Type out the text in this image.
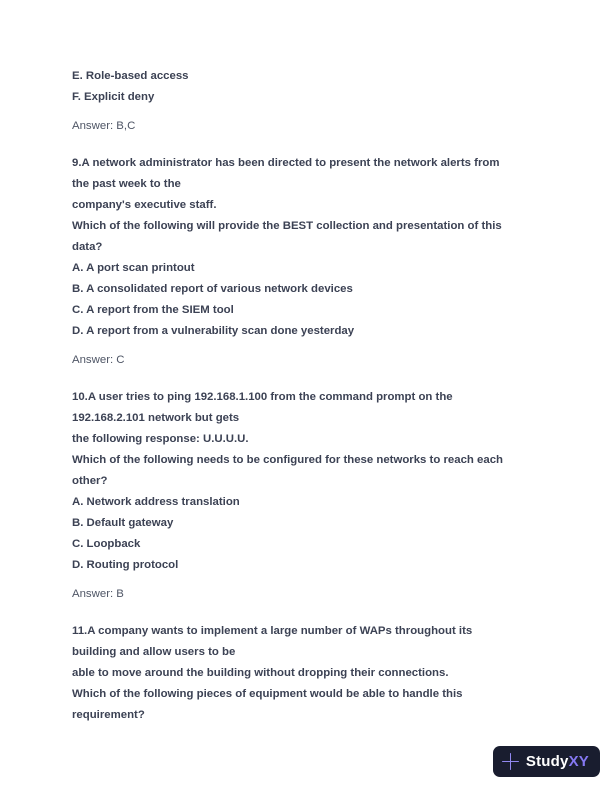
E. Role-based access
F. Explicit deny
Answer: B,C
9.A network administrator has been directed to present the network alerts from
the past week to the
company's executive staff.
Which of the following will provide the BEST collection and presentation of this
data?
A. A port scan printout
B. A consolidated report of various network devices
C. A report from the SIEM tool
D. A report from a vulnerability scan done yesterday
Answer: C
10.A user tries to ping 192.168.1.100 from the command prompt on the
192.168.2.101 network but gets
the following response: U.U.U.U.
Which of the following needs to be configured for these networks to reach each
other?
A. Network address translation
B. Default gateway
C. Loopback
D. Routing protocol
Answer: B
11.A company wants to implement a large number of WAPs throughout its
building and allow users to be
able to move around the building without dropping their connections.
Which of the following pieces of equipment would be able to handle this
requirement?
StudyXY
